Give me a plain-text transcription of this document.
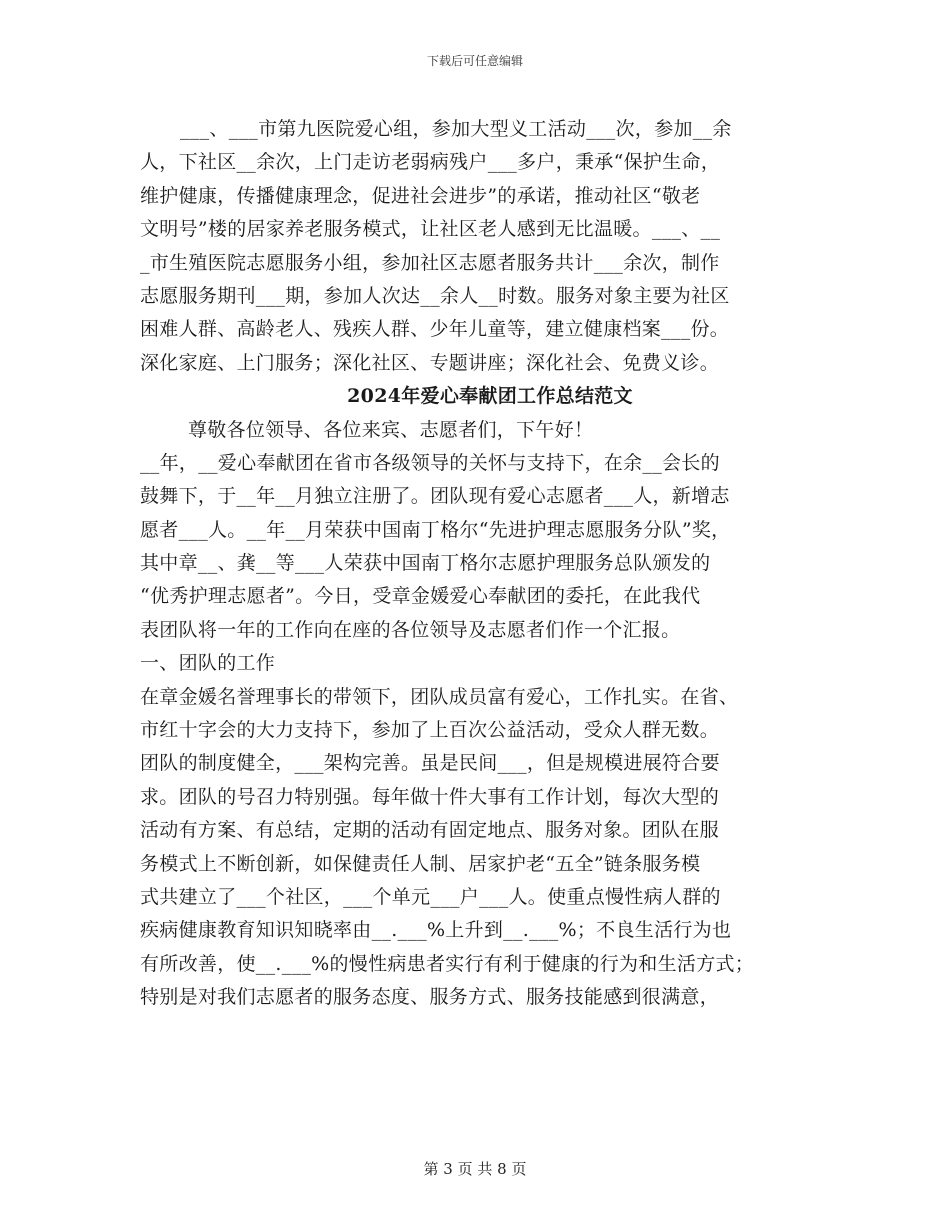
下载后可任意编辑
___、___市第九医院爱心组，参加大型义工活动___次，参加__余
人，下社区__余次，上门走访老弱病残户___多户，秉承“保护生命，
维护健康，传播健康理念，促进社会进步”的承诺，推动社区“敬老
文明号”楼的居家养老服务模式，让社区老人感到无比温暖。___、__
_市生殖医院志愿服务小组，参加社区志愿者服务共计___余次，制作
志愿服务期刊___期，参加人次达__余人__时数。服务对象主要为社区
困难人群、高龄老人、残疾人群、少年儿童等，建立健康档案___份。
深化家庭、上门服务；深化社区、专题讲座；深化社会、免费义诊。
2024年爱心奉献团工作总结范文
尊敬各位领导、各位来宾、志愿者们，下午好！
__年，__爱心奉献团在省市各级领导的关怀与支持下，在余__会长的
鼓舞下，于__年__月独立注册了。团队现有爱心志愿者___人，新增志
愿者___人。__年__月荣获中国南丁格尔“先进护理志愿服务分队”奖，
其中章__、龚__等___人荣获中国南丁格尔志愿护理服务总队颁发的
“优秀护理志愿者”。今日，受章金媛爱心奉献团的委托，在此我代
表团队将一年的工作向在座的各位领导及志愿者们作一个汇报。
一、团队的工作
在章金媛名誉理事长的带领下，团队成员富有爱心，工作扎实。在省、
市红十字会的大力支持下，参加了上百次公益活动，受众人群无数。
团队的制度健全，___架构完善。虽是民间___，但是规模进展符合要
求。团队的号召力特别强。每年做十件大事有工作计划，每次大型的
活动有方案、有总结，定期的活动有固定地点、服务对象。团队在服
务模式上不断创新，如保健责任人制、居家护老“五全”链条服务模
式共建立了___个社区，___个单元___户___人。使重点慢性病人群的
疾病健康教育知识知晓率由__.___%上升到__.___%；不良生活行为也
有所改善，使__.___%的慢性病患者实行有利于健康的行为和生活方式；
特别是对我们志愿者的服务态度、服务方式、服务技能感到很满意，
第 3 页 共 8 页
